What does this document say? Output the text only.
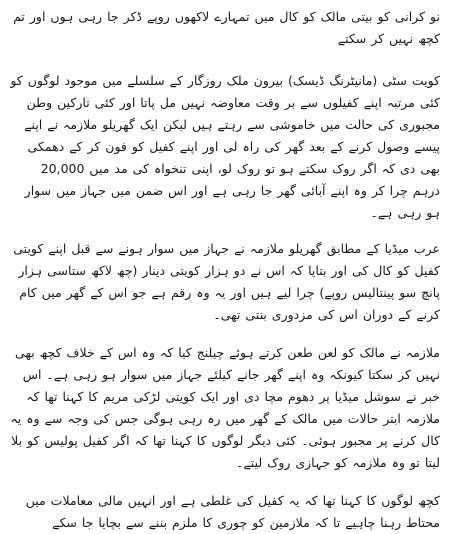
نو کرانی کو بیتی مالک کو کال میں تمہارے لاکھوں روپے ڈکر جا رہی ہوں اور تم کچھ نہیں کر سکتے

کویت سٹی (مانیٹرنگ ڈیسک) بیرون ملک روزگار کے سلسلے میں موجود لوگوں کو کئی مرتبہ اپنے کفیلوں سے بر وقت معاوضہ نہیں مل پاتا اور کئی تارکین وطن مجبوری کی حالت میں خاموشی سے رہتے ہیں لیکن ایک گھریلو ملازمہ نے اپنے پیسے وصول کرنے کے بعد گھر کی راہ لی اور اپنے کفیل کو فون کر کے دھمکی بھی دی کہ اگر روک سکتے ہو تو روک لو، اپنی تنخواہ کی مد میں 20,000 درہم چرا کر وہ اپنے آبائی گھر جا رہی ہے اور اس ضمن میں جہاز میں سوار ہو رہی ہے۔

عرب میڈیا کے مطابق گھریلو ملازمہ نے جہاز میں سوار ہونے سے قبل اپنے کویتی کفیل کو کال کی اور بتایا کہ اس نے دو ہزار کویتی دینار (چھ لاکھ ستاسی ہزار پانچ سو پینتالیس روپے) چرا لیے ہیں اور یہ وہ رقم ہے جو اس کے گھر میں کام کرنے کے دوران اس کی مزدوری بنتی تھی۔

ملازمہ نے مالک کو لعن طعن کرتے ہوئے چیلنج کیا کہ وہ اس کے خلاف کچھ بھی نہیں کر سکتا کیونکہ وہ اپنے گھر جانے کیلئے جہاز میں سوار ہو رہی ہے۔ اس خبر نے سوشل میڈیا پر دھوم مچا دی اور ایک کویتی لڑکی مریم کا کہنا تھا کہ ملازمہ ابتر حالات میں مالک کے گھر میں رہ رہی ہوگی جس کی وجہ سے وہ یہ کال کرنے پر مجبور ہوئی۔ کئی دیگر لوگوں کا کہنا تھا کہ اگر کفیل پولیس کو بلا لیتا تو وہ ملازمہ کو جہازی روک لیتے۔

کچھ لوگوں کا کہنا تھا کہ یہ کفیل کی غلطی ہے اور انہیں مالی معاملات میں محتاط رہنا چاہیے تا کہ ملازمین کو چوری کا ملزم بننے سے بچایا جا سکے
